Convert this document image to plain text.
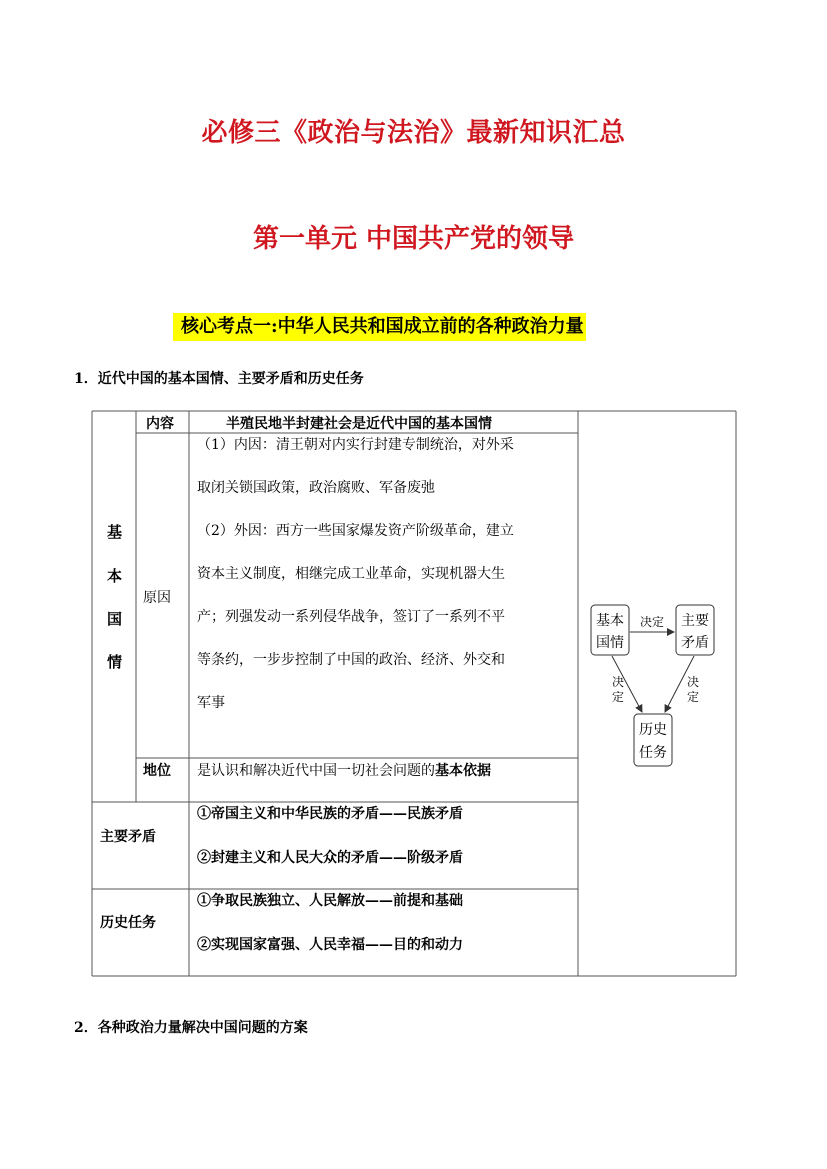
必修三《政治与法治》最新知识汇总
第一单元 中国共产党的领导
核心考点一:中华人民共和国成立前的各种政治力量
1．近代中国的基本国情、主要矛盾和历史任务
基
本
国
情
内容	半殖民地半封建社会是近代中国的基本国情
原因
（1）内因：清王朝对内实行封建专制统治，对外采
取闭关锁国政策，政治腐败、军备废弛
（2）外因：西方一些国家爆发资产阶级革命，建立
资本主义制度，相继完成工业革命，实现机器大生
产；列强发动一系列侵华战争，签订了一系列不平
等条约，一步步控制了中国的政治、经济、外交和
军事
地位 是认识和解决近代中国一切社会问题的基本依据
主要矛盾
①帝国主义和中华民族的矛盾——民族矛盾
②封建主义和人民大众的矛盾——阶级矛盾
历史任务
①争取民族独立、人民解放——前提和基础
②实现国家富强、人民幸福——目的和动力
基本
国情
主要
矛盾
历史
任务
决定
决
定
决
定
2．各种政治力量解决中国问题的方案
